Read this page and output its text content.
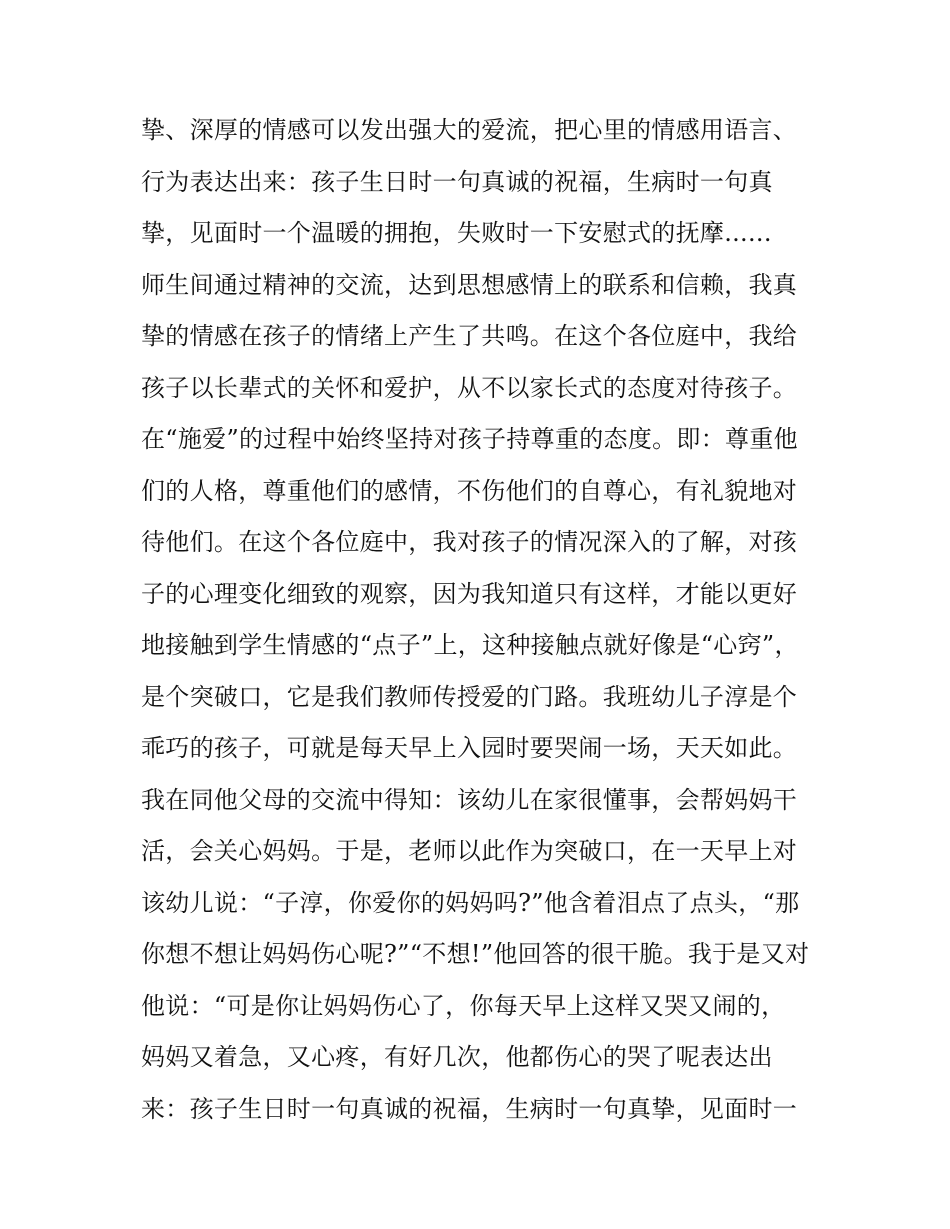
挚、深厚的情感可以发出强大的爱流，把心里的情感用语言、
行为表达出来：孩子生日时一句真诚的祝福，生病时一句真
挚，见面时一个温暖的拥抱，失败时一下安慰式的抚摩......
师生间通过精神的交流，达到思想感情上的联系和信赖，我真
挚的情感在孩子的情绪上产生了共鸣。在这个各位庭中，我给
孩子以长辈式的关怀和爱护，从不以家长式的态度对待孩子。
在“施爱”的过程中始终坚持对孩子持尊重的态度。即：尊重他
们的人格，尊重他们的感情，不伤他们的自尊心，有礼貌地对
待他们。在这个各位庭中，我对孩子的情况深入的了解，对孩
子的心理变化细致的观察，因为我知道只有这样，才能以更好
地接触到学生情感的“点子”上，这种接触点就好像是“心窍”，
是个突破口，它是我们教师传授爱的门路。我班幼儿子淳是个
乖巧的孩子，可就是每天早上入园时要哭闹一场，天天如此。
我在同他父母的交流中得知：该幼儿在家很懂事，会帮妈妈干
活，会关心妈妈。于是，老师以此作为突破口，在一天早上对
该幼儿说：“子淳，你爱你的妈妈吗?”他含着泪点了点头，“那
你想不想让妈妈伤心呢?”“不想!”他回答的很干脆。我于是又对
他说：“可是你让妈妈伤心了，你每天早上这样又哭又闹的，
妈妈又着急，又心疼，有好几次，他都伤心的哭了呢表达出
来：孩子生日时一句真诚的祝福，生病时一句真挚，见面时一
